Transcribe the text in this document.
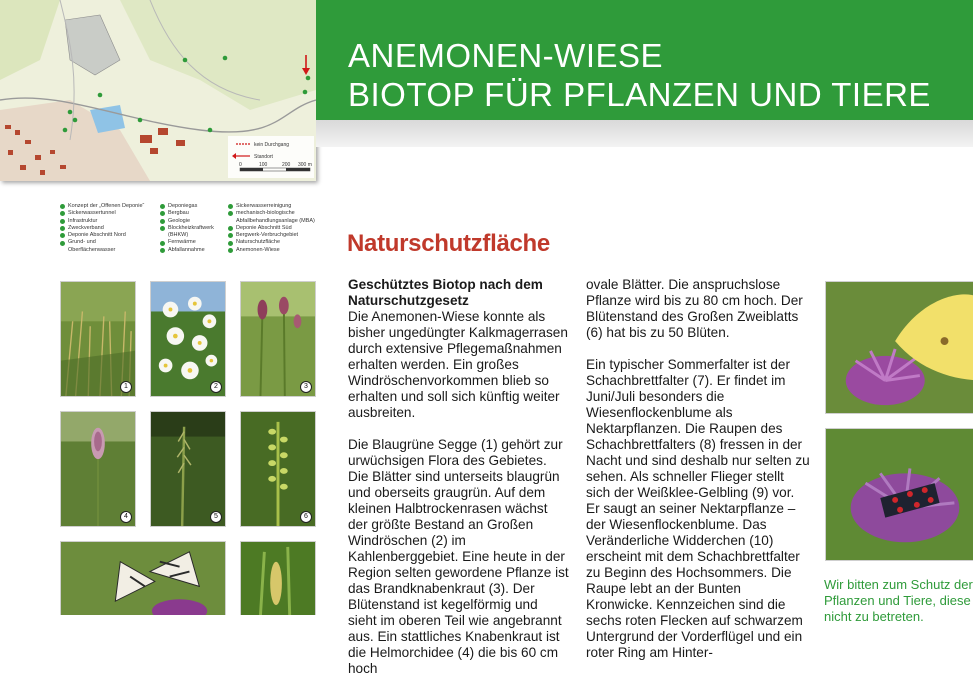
kein Durchgang
Standort
0	100	200 300 m
ANEMONEN-WIESE
BIOTOP FÜR PFLANZEN UND TIERE
Konzept der „Offenen Deponie“
Sickerwassertunnel
Infrastruktur
Zweckverband
Deponie Abschnitt Nord
Grund- und
Oberflächenwasser
Deponiegas
Bergbau
Geologie
Blockheizkraftwerk
(BHKW)
Fernwärme
Abfallannahme
Sickerwasserreinigung
mechanisch-biologische
Abfallbehandlungsanlage (MBA)
Deponie Abschnitt Süd
Bergwerk-Verbruchgebiet
Naturschutzfläche
Anemonen-Wiese
1	2	3
4	5	6
Naturschutzfläche

Geschütztes Biotop nach dem Naturschutzgesetz
Die Anemonen-Wiese konnte als bisher ungedüngter Kalkmagerrasen durch extensive Pflegemaßnahmen erhalten werden. Ein großes Windröschenvorkommen blieb so erhalten und soll sich künftig weiter ausbreiten.

Die Blaugrüne Segge (1) gehört zur urwüchsigen Flora des Gebietes. Die Blätter sind unterseits blaugrün und oberseits graugrün. Auf dem kleinen Halbtrockenrasen wächst der größte Bestand an Großen Windröschen (2) im Kahlenberggebiet. Eine heute in der Region selten gewordene Pflanze ist das Brandknabenkraut (3). Der Blütenstand ist kegelförmig und sieht im oberen Teil wie angebrannt aus. Ein stattliches Knabenkraut ist die Helmorchidee (4) die bis 60 cm hoch

ovale Blätter. Die anspruchslose Pflanze wird bis zu 80 cm hoch. Der Blütenstand des Großen Zweiblatts (6) hat bis zu 50 Blüten.

Ein typischer Sommerfalter ist der Schachbrettfalter (7). Er findet im Juni/Juli besonders die Wiesenflockenblume als Nektarpflanzen. Die Raupen des Schachbrettfalters (8) fressen in der Nacht und sind deshalb nur selten zu sehen. Als schneller Flieger stellt sich der Weißklee-Gelbling (9) vor. Er saugt an seiner Nektarpflanze – der Wiesenflockenblume. Das Veränderliche Widderchen (10) erscheint mit dem Schachbrettfalter zu Beginn des Hochsommers. Die Raupe lebt an der Bunten Kronwicke. Kennzeichen sind die sechs roten Flecken auf schwarzem Untergrund der Vorderflügel und ein roter Ring am Hinter-

Wir bitten zum Schutz der
Pflanzen und Tiere, diese
nicht zu betreten.
